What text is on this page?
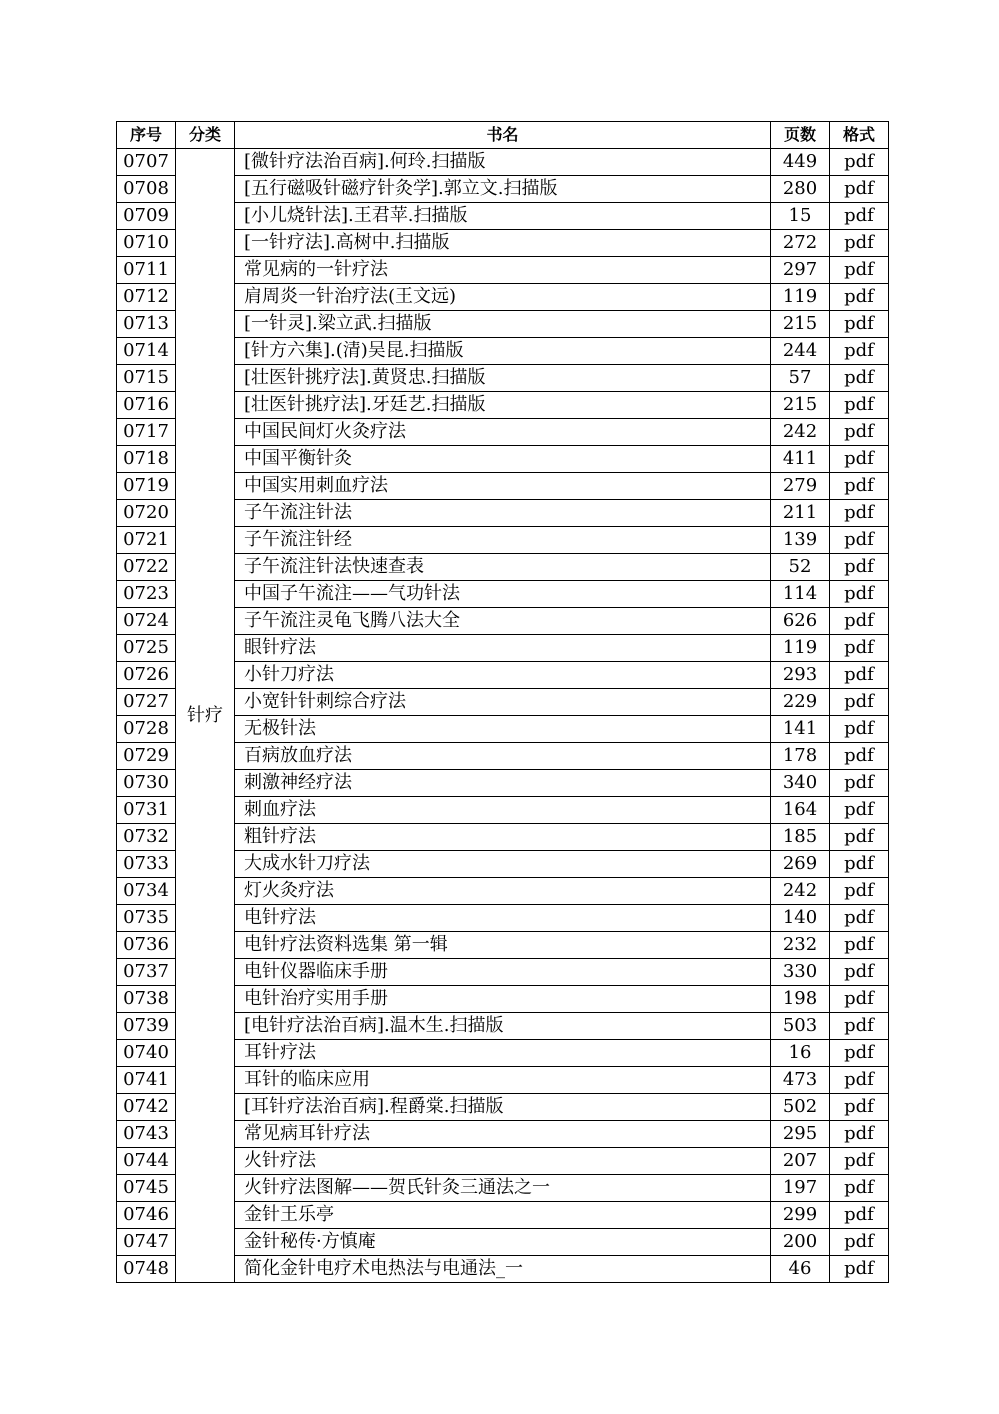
序号	分类	书名	页数	格式
0707	针疗	[微针疗法治百病].何玲.扫描版	449	pdf
0708		[五行磁吸针磁疗针灸学].郭立文.扫描版	280	pdf
0709		[小儿烧针法].王君苹.扫描版	15	pdf
0710		[一针疗法].高树中.扫描版	272	pdf
0711		常见病的一针疗法	297	pdf
0712		肩周炎一针治疗法(王文远)	119	pdf
0713		[一针灵].梁立武.扫描版	215	pdf
0714		[针方六集].(清)吴昆.扫描版	244	pdf
0715		[壮医针挑疗法].黄贤忠.扫描版	57	pdf
0716		[壮医针挑疗法].牙廷艺.扫描版	215	pdf
0717		中国民间灯火灸疗法	242	pdf
0718		中国平衡针灸	411	pdf
0719		中国实用刺血疗法	279	pdf
0720		子午流注针法	211	pdf
0721		子午流注针经	139	pdf
0722		子午流注针法快速查表	52	pdf
0723		中国子午流注——气功针法	114	pdf
0724		子午流注灵龟飞腾八法大全	626	pdf
0725		眼针疗法	119	pdf
0726		小针刀疗法	293	pdf
0727		小宽针针刺综合疗法	229	pdf
0728		无极针法	141	pdf
0729		百病放血疗法	178	pdf
0730		刺激神经疗法	340	pdf
0731		刺血疗法	164	pdf
0732		粗针疗法	185	pdf
0733		大成水针刀疗法	269	pdf
0734		灯火灸疗法	242	pdf
0735		电针疗法	140	pdf
0736		电针疗法资料选集 第一辑	232	pdf
0737		电针仪器临床手册	330	pdf
0738		电针治疗实用手册	198	pdf
0739		[电针疗法治百病].温木生.扫描版	503	pdf
0740		耳针疗法	16	pdf
0741		耳针的临床应用	473	pdf
0742		[耳针疗法治百病].程爵棠.扫描版	502	pdf
0743		常见病耳针疗法	295	pdf
0744		火针疗法	207	pdf
0745		火针疗法图解——贺氏针灸三通法之一	197	pdf
0746		金针王乐亭	299	pdf
0747		金针秘传·方慎庵	200	pdf
0748		简化金针电疗术电热法与电通法_一	46	pdf
